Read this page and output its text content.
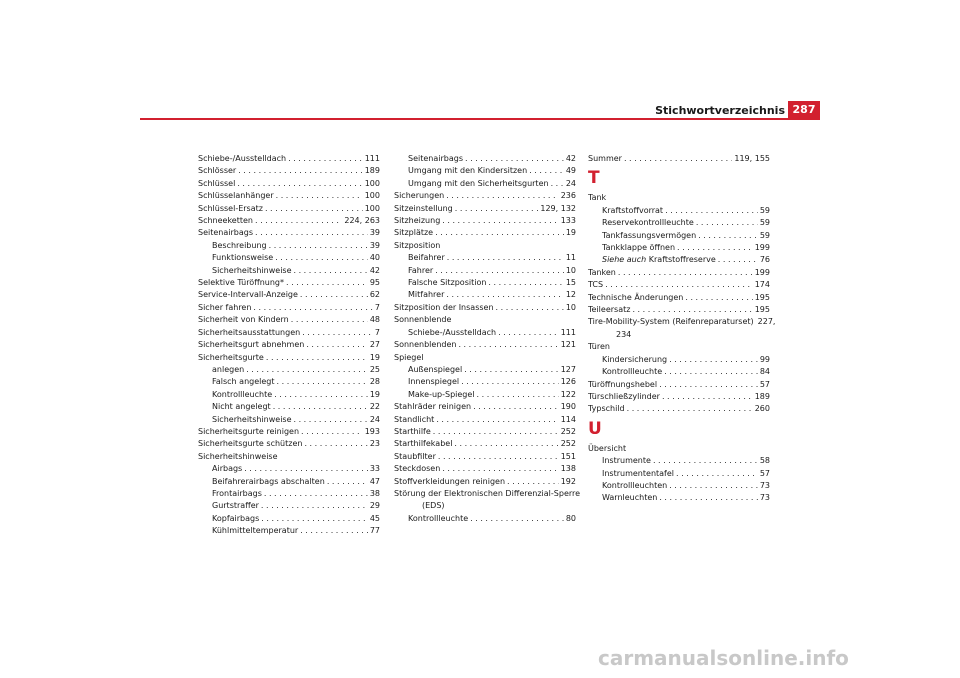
Stichwortverzeichnis 287
Schiebe-/Ausstelldach . . .	111
Schlösser . . .	189
Schlüssel . . .	100
Schlüsselanhänger . . .	100
Schlüssel-Ersatz . . .	100
Schneeketten . . .	224, 263
Seitenairbags . . .	39
Beschreibung . . .	39
Funktionsweise . . .	40
Sicherheitshinweise . . .	42
Selektive Türöffnung* . . .	95
Service-Intervall-Anzeige . . .	62
Sicher fahren . . .	7
Sicherheit von Kindern . . .	48
Sicherheitsausstattungen . . .	7
Sicherheitsgurt abnehmen . . .	27
Sicherheitsgurte . . .	19
anlegen . . .	25
Falsch angelegt . . .	28
Kontrollleuchte . . .	19
Nicht angelegt . . .	22
Sicherheitshinweise . . .	24
Sicherheitsgurte reinigen . . .	193
Sicherheitsgurte schützen . . .	23
Sicherheitshinweise
Airbags . . .	33
Beifahrerairbags abschalten . . .	47
Frontairbags . . .	38
Gurtstraffer . . .	29
Kopfairbags . . .	45
Kühlmitteltemperatur . . .	77
Seitenairbags . . .	42
Umgang mit den Kindersitzen . . .	49
Umgang mit den Sicherheitsgurten . . . 24
Sicherungen . . .	236
Sitzeinstellung . . .	129, 132
Sitzheizung . . .	133
Sitzplätze . . .	19
Sitzposition
Beifahrer . . .	11
Fahrer . . .	10
Falsche Sitzposition . . .	15
Mitfahrer . . .	12
Sitzposition der Insassen . . .	10
Sonnenblende
Schiebe-/Ausstelldach . . .	111
Sonnenblenden . . .	121
Spiegel
Außenspiegel . . .	127
Innenspiegel . . .	126
Make-up-Spiegel . . .	122
Stahlräder reinigen . . .	190
Standlicht . . .	114
Starthilfe . . .	252
Starthilfekabel . . .	252
Staubfilter . . .	151
Steckdosen . . .	138
Stoffverkleidungen reinigen . . .	192
Störung der Elektronischen Differenzial-Sperre
(EDS)
Kontrollleuchte . . .	80
Summer . . .	119, 155
T
Tank
Kraftstoffvorrat . . .	59
Reservekontrollleuchte . . .	59
Tankfassungsvermögen . . .	59
Tankklappe öffnen . . .	199
Siehe auch Kraftstoffreserve . . .	76
Tanken . . .	199
TCS . . .	174
Technische Änderungen . . .	195
Teileersatz . . .	195
Tire-Mobility-System (Reifenreparaturset) 227,
234
Türen
Kindersicherung . . .	99
Kontrollleuchte . . .	84
Türöffnungshebel . . .	57
Türschließzylinder . . .	189
Typschild . . .	260
U
Übersicht
Instrumente . . .	58
Instrumententafel . . .	57
Kontrollleuchten . . .	73
Warnleuchten . . .	73
carmanualsonline.info
